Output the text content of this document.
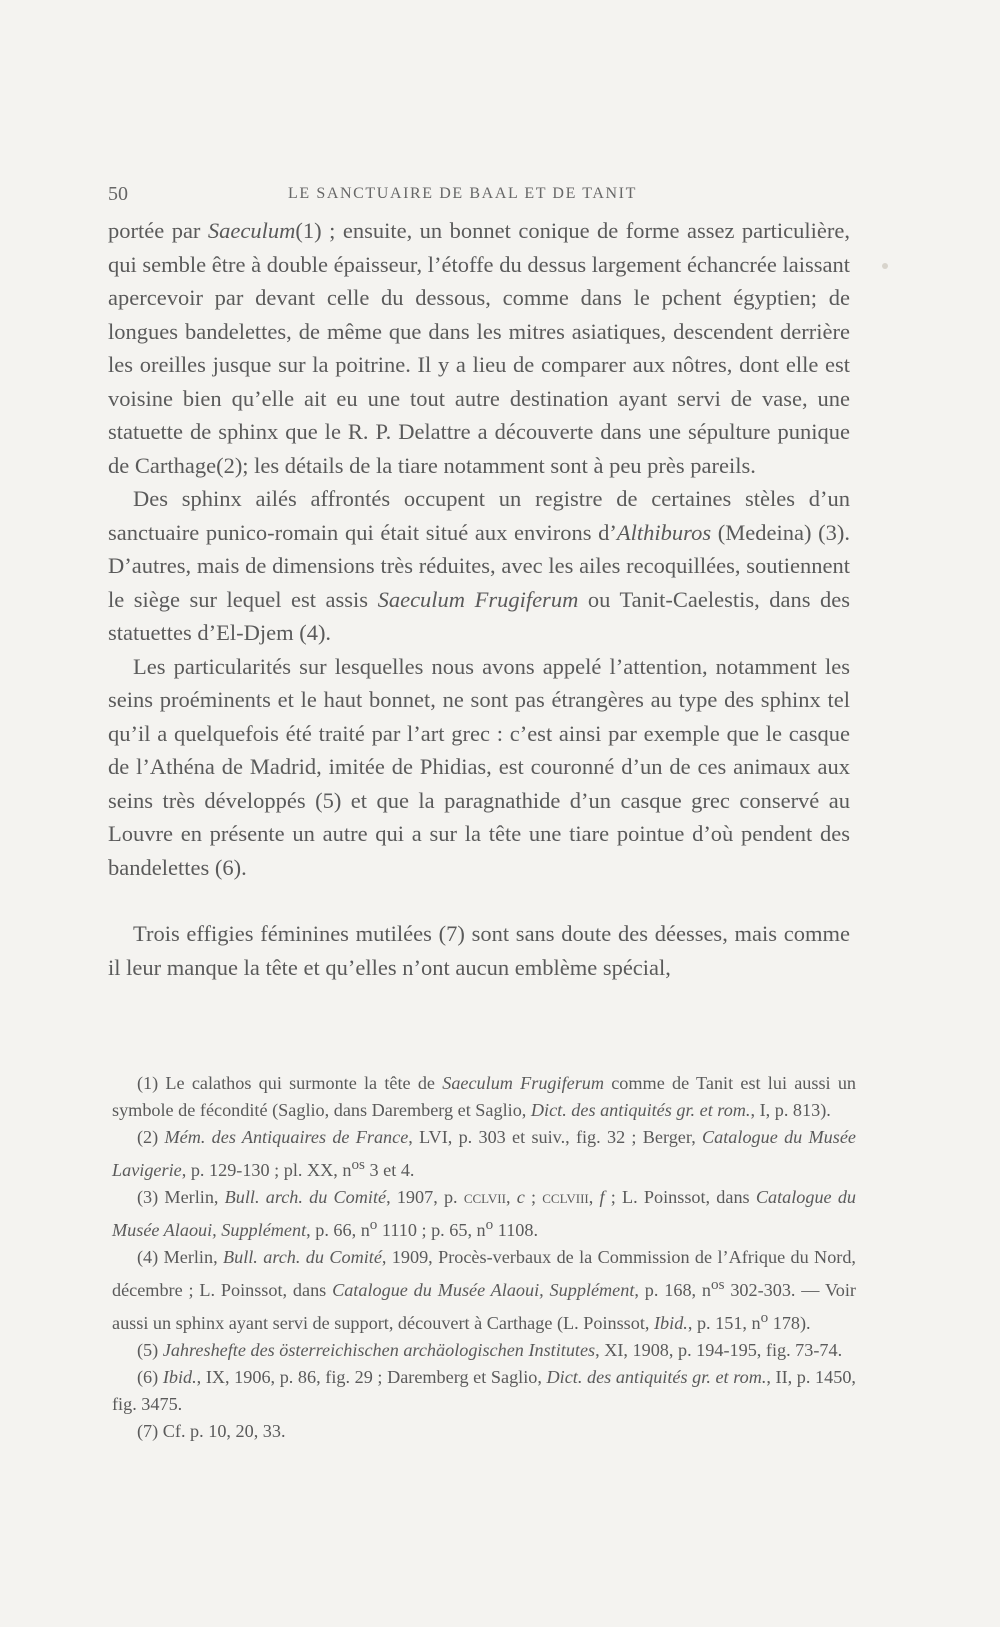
50	LE SANCTUAIRE DE BAAL ET DE TANIT

portée par Saeculum(1) ; ensuite, un bonnet conique de forme assez particulière, qui semble être à double épaisseur, l’étoffe du dessus largement échancrée laissant apercevoir par devant celle du dessous, comme dans le pchent égyptien; de longues bandelettes, de même que dans les mitres asiatiques, descendent derrière les oreilles jusque sur la poitrine. Il y a lieu de comparer aux nôtres, dont elle est voisine bien qu’elle ait eu une tout autre destination ayant servi de vase, une statuette de sphinx que le R. P. Delattre a découverte dans une sépulture punique de Carthage(2); les détails de la tiare notamment sont à peu près pareils.

Des sphinx ailés affrontés occupent un registre de certaines stèles d’un sanctuaire punico-romain qui était situé aux environs d’Althiburos (Medeina) (3). D’autres, mais de dimensions très réduites, avec les ailes recoquillées, soutiennent le siège sur lequel est assis Saeculum Frugiferum ou Tanit-Caelestis, dans des statuettes d’El-Djem (4).

Les particularités sur lesquelles nous avons appelé l’attention, notamment les seins proéminents et le haut bonnet, ne sont pas étrangères au type des sphinx tel qu’il a quelquefois été traité par l’art grec : c’est ainsi par exemple que le casque de l’Athéna de Madrid, imitée de Phidias, est couronné d’un de ces animaux aux seins très développés (5) et que la paragnathide d’un casque grec conservé au Louvre en présente un autre qui a sur la tête une tiare pointue d’où pendent des bandelettes (6).

Trois effigies féminines mutilées (7) sont sans doute des déesses, mais comme il leur manque la tête et qu’elles n’ont aucun emblème spécial,

(1) Le calathos qui surmonte la tête de Saeculum Frugiferum comme de Tanit est lui aussi un symbole de fécondité (Saglio, dans Daremberg et Saglio, Dict. des antiquités gr. et rom., I, p. 813).

(2) Mém. des Antiquaires de France, LVI, p. 303 et suiv., fig. 32 ; Berger, Catalogue du Musée Lavigerie, p. 129-130 ; pl. XX, $n^{os}$ 3 et 4.

(3) Merlin, Bull. arch. du Comité, 1907, p. cclvii, c ; cclviii, f ; L. Poinssot, dans Catalogue du Musée Alaoui, Supplément, p. 66, $n^o$ 1110 ; p. 65, $n^o$ 1108.

(4) Merlin, Bull. arch. du Comité, 1909, Procès-verbaux de la Commission de l’Afrique du Nord, décembre ; L. Poinssot, dans Catalogue du Musée Alaoui, Supplément, p. 168, $n^{os}$ 302-303. — Voir aussi un sphinx ayant servi de support, découvert à Carthage (L. Poinssot, Ibid., p. 151, $n^o$ 178).

(5) Jahreshefte des österreichischen archäologischen Institutes, XI, 1908, p. 194-195, fig. 73-74.

(6) Ibid., IX, 1906, p. 86, fig. 29 ; Daremberg et Saglio, Dict. des antiquités gr. et rom., II, p. 1450, fig. 3475.

(7) Cf. p. 10, 20, 33.
